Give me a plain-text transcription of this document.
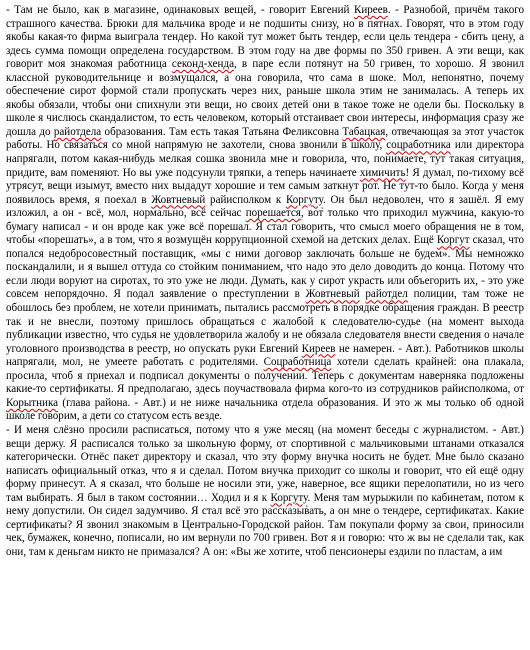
- Там не было, как в магазине, одинаковых вещей, - говорит Евгений Киреев. - Разнобой, причём такого страшного качества. Брюки для мальчика вроде и не подшиты снизу, но в пятнах. Говорят, что в этом году якобы какая-то фирма выиграла тендер. Но какой тут может быть тендер, если цель тендера - сбить цену, а здесь сумма помощи определена государством. В этом году на две формы по 350 гривен. А эти вещи, как говорит моя знакомая работница секонд-хенда, в паре если потянут на 50 гривен, то хорошо. Я звонил классной руководительнице и возмущался, а она говорила, что сама в шоке. Мол, непонятно, почему обеспечение сирот формой стали пропускать через них, раньше школа этим не занималась. А теперь их якобы обязали, чтобы они спихнули эти вещи, но своих детей они в такое тоже не одели бы. Поскольку в школе я числюсь скандалистом, то есть человеком, который отстаивает свои интересы, информация сразу же дошла до райотдела образования. Там есть такая Татьяна Феликсовна Табацкая, отвечающая за этот участок работы. Но связаться со мной напрямую не захотели, снова звонили в школу, соцработника или директора напрягали, потом какая-нибудь мелкая сошка звонила мне и говорила, что, понимаете, тут такая ситуация, придите, вам поменяют. Но вы уже подсунули тряпки, а теперь начинаете химичить! Я думал, по-тихому всё утрясут, вещи изымут, вместо них выдадут хорошие и тем самым заткнут рот. Не тут-то было. Когда у меня появилось время, я поехал в Жовтневый райисполком к Коргуту. Он был недоволен, что я зашёл. Я ему изложил, а он - всё, мол, нормально, всё сейчас порешается, вот только что приходил мужчина, какую-то бумагу написал - и он вроде как уже всё порешал. Я стал говорить, что смысл моего обращения не в том, чтобы «порешать», а в том, что я возмущён коррупционной схемой на детских делах. Ещё Коргут сказал, что попался недобросовестный поставщик, «мы с ними договор заключать больше не будем». Мы немножко поскандалили, и я вышел оттуда со стойким пониманием, что надо это дело доводить до конца. Потому что если люди воруют на сиротах, то это уже не люди. Думать, как у сирот украсть или объегорить их, - это уже совсем непорядочно. Я подал заявление о преступлении в Жовтневый райотдел полиции, там тоже не обошлось без проблем, не хотели принимать, пытались рассмотреть в порядке обращения граждан. В реестр так и не внесли, поэтому пришлось обращаться с жалобой к следователю-судье (на момент выхода публикации известно, что судья не удовлетворила жалобу и не обязала следователя внести сведения о начале уголовного производства в реестр, но опускать руки Евгений Киреев не намерен. - Авт.). Работников школы напрягали, мол, не умеете работать с родителями. Соцработница хотели сделать крайней: она плакала, просила, чтоб я приехал и подписал документы о получении. Теперь с документам наверняка подложены какие-то сертификаты. Я предполагаю, здесь поучаствовала фирма кого-то из сотрудников райисполкома, от Корытника (глава района. - Авт.) и не ниже начальника отдела образования. И это ж мы только об одной школе говорим, а дети со статусом есть везде.

- И меня слёзно просили расписаться, потому что я уже месяц (на момент беседы с журналистом. - Авт.) вещи держу. Я расписался только за школьную форму, от спортивной с мальчиковыми штанами отказался категорически. Отнёс пакет директору и сказал, что эту форму внучка носить не будет. Мне было сказано написать официальный отказ, что я и сделал. Потом внучка приходит со школы и говорит, что ей ещё одну форму принесут. А я сказал, что больше не носили эти, уже, наверное, все ящики перелопатили, но из чего там выбирать. Я был в таком состоянии… Ходил и я к Коргуту. Меня там мурыжили по кабинетам, потом к нему допустили. Он сидел задумчиво. Я стал всё это рассказывать, а он мне о тендере, сертификатах. Какие сертификаты? Я звонил знакомым в Центрально-Городской район. Там покупали форму за свои, приносили чек, бумажек, конечно, пописали, но им вернули по 700 гривен. Вот я и говорю: что ж вы не сделали так, как они, там к деньгам никто не примазался? А он: «Вы же хотите, чтоб пенсионеры ездили по пластам, а им
